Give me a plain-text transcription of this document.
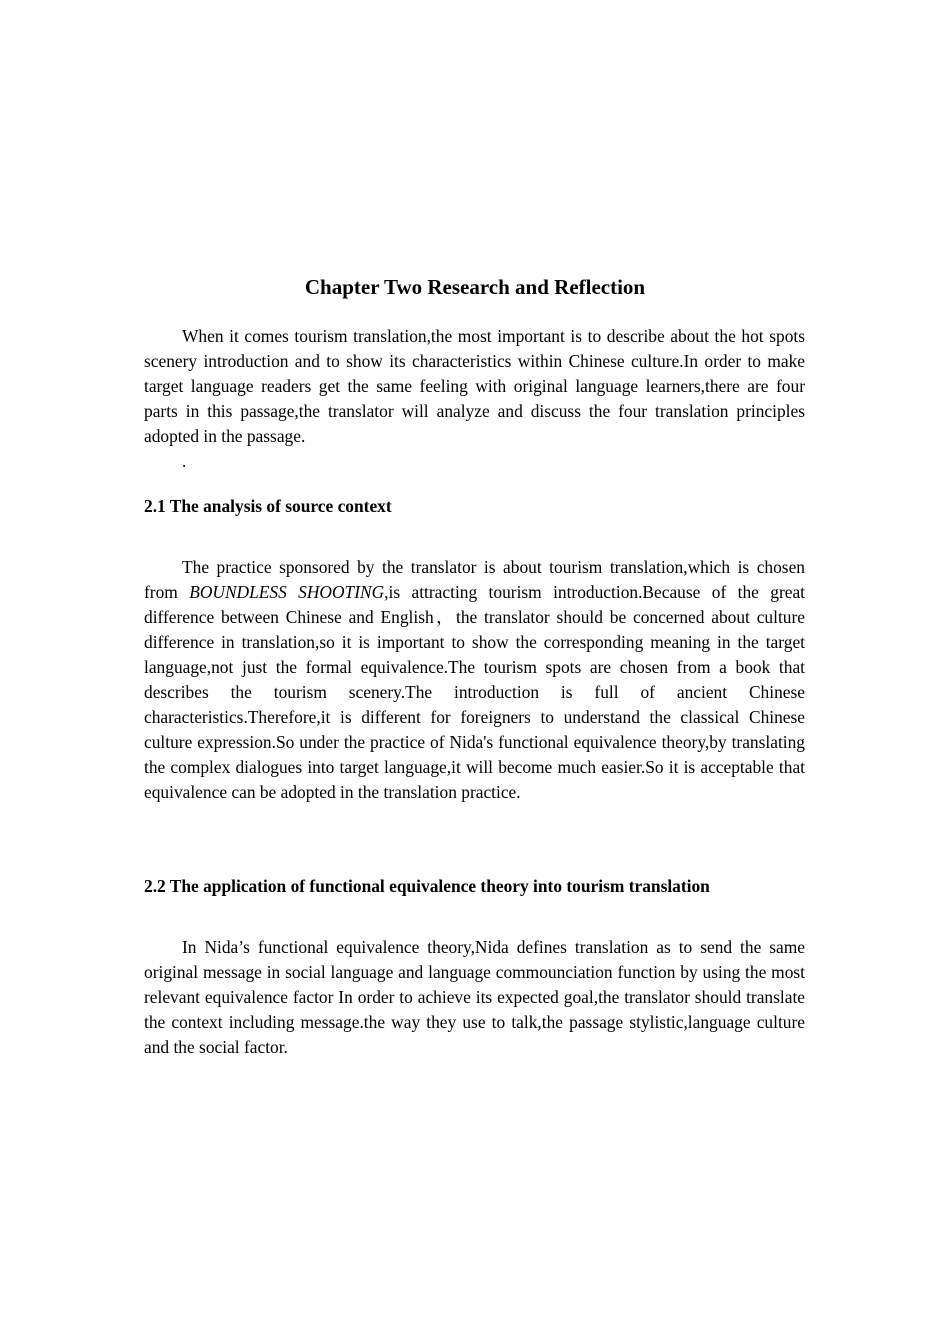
Chapter Two Research and Reflection

When it comes tourism translation,the most important is to describe about the hot spots scenery introduction and to show its characteristics within Chinese culture.In order to make target language readers get the same feeling with original language learners,there are four parts in this passage,the translator will analyze and discuss the four translation principles adopted in the passage.

.

2.1 The analysis of source context

The practice sponsored by the translator is about tourism translation,which is chosen from BOUNDLESS SHOOTING,is attracting tourism introduction.Because of the great difference between Chinese and English，the translator should be concerned about culture difference in translation,so it is important to show the corresponding meaning in the target language,not just the formal equivalence.The tourism spots are chosen from a book that describes the tourism scenery.The introduction is full of ancient Chinese characteristics.Therefore,it is different for foreigners to understand the classical Chinese culture expression.So under the practice of Nida's functional equivalence theory,by translating the complex dialogues into target language,it will become much easier.So it is acceptable that equivalence can be adopted in the translation practice.

2.2 The application of functional equivalence theory into tourism translation

In Nida’s functional equivalence theory,Nida defines translation as to send the same original message in social language and language commounciation function by using the most relevant equivalence factor In order to achieve its expected goal,the translator should translate the context including message.the way they use to talk,the passage stylistic,language culture and the social factor.
